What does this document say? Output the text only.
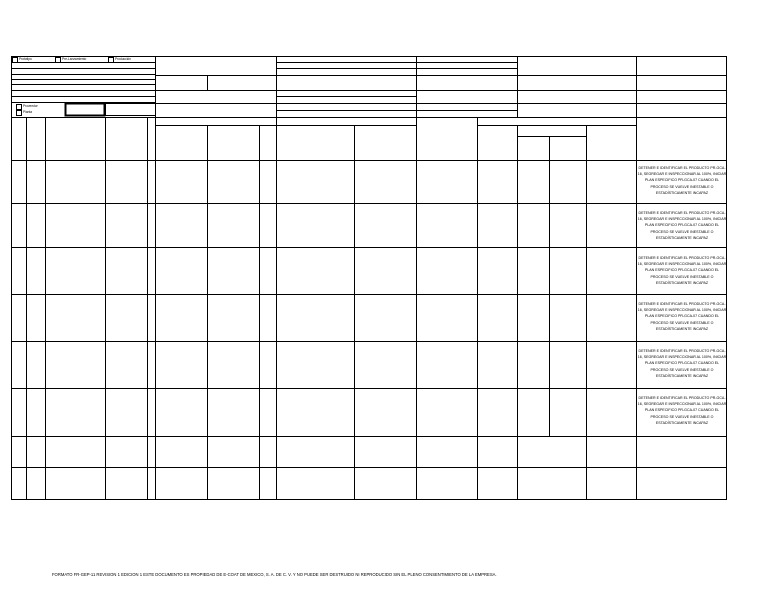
Prototipo	Pre-Lanzamiento	Producción
Proveedor
Planta
DETENER E IDENTIFICAR EL PRODUCTO PR-GCA-16, SEGREGAR E INSPECCIONAR AL 100%, INICIAR PLAN ESPECIFICO PR-GCA-07 CUANDO EL PROCESO SE VUELVE INESTABLE O ESTADÍSTICAMENTE INCAPAZ
DETENER E IDENTIFICAR EL PRODUCTO PR-GCA-16, SEGREGAR E INSPECCIONAR AL 100%, INICIAR PLAN ESPECIFICO PR-GCA-07 CUANDO EL PROCESO SE VUELVE INESTABLE O ESTADÍSTICAMENTE INCAPAZ
DETENER E IDENTIFICAR EL PRODUCTO PR-GCA-16, SEGREGAR E INSPECCIONAR AL 100%, INICIAR PLAN ESPECIFICO PR-GCA-07 CUANDO EL PROCESO SE VUELVE INESTABLE O ESTADÍSTICAMENTE INCAPAZ
DETENER E IDENTIFICAR EL PRODUCTO PR-GCA-16, SEGREGAR E INSPECCIONAR AL 100%, INICIAR PLAN ESPECIFICO PR-GCA-07 CUANDO EL PROCESO SE VUELVE INESTABLE O ESTADÍSTICAMENTE INCAPAZ
DETENER E IDENTIFICAR EL PRODUCTO PR-GCA-16, SEGREGAR E INSPECCIONAR AL 100%, INICIAR PLAN ESPECIFICO PR-GCA-07 CUANDO EL PROCESO SE VUELVE INESTABLE O ESTADÍSTICAMENTE INCAPAZ
DETENER E IDENTIFICAR EL PRODUCTO PR-GCA-16, SEGREGAR E INSPECCIONAR AL 100%, INICIAR PLAN ESPECIFICO PR-GCA-07 CUANDO EL PROCESO SE VUELVE INESTABLE O ESTADÍSTICAMENTE INCAPAZ
FORMATO FR-GEP-11 REVISION 1 EDICION 1 ESTE DOCUMENTO ES PROPIEDAD DE E-COAT DE MEXICO, S. A. DE C. V. Y NO PUEDE SER DESTRUIDO NI REPRODUCIDO SIN EL PLENO CONSENTIMIENTO DE LA EMPRESA.
